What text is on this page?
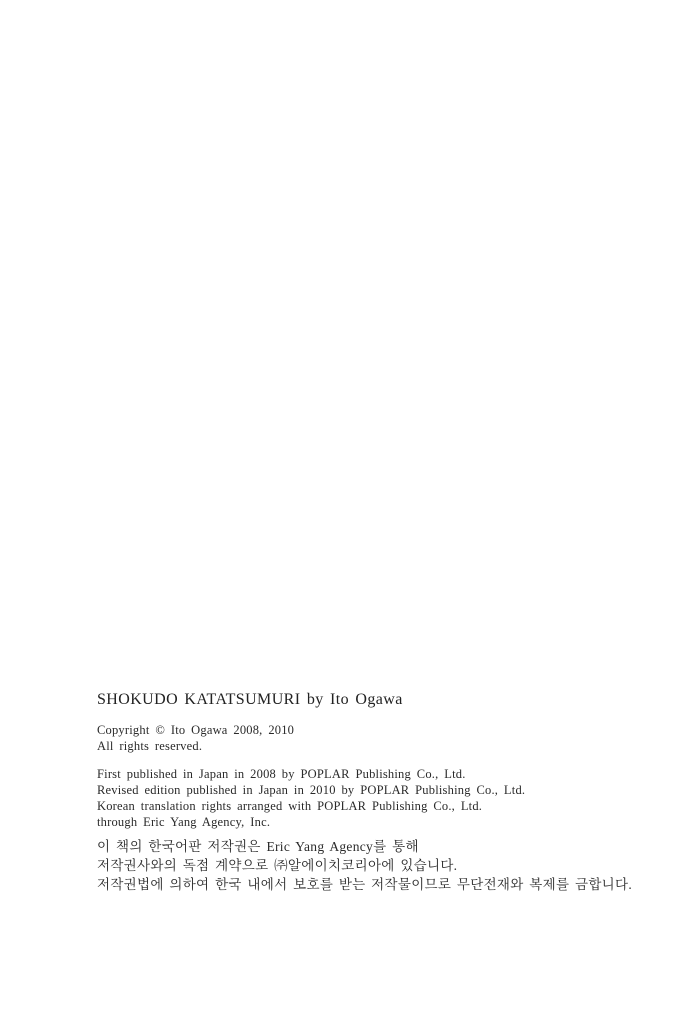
SHOKUDO KATATSUMURI by Ito Ogawa

Copyright © Ito Ogawa 2008, 2010

All rights reserved.

First published in Japan in 2008 by POPLAR Publishing Co., Ltd.

Revised edition published in Japan in 2010 by POPLAR Publishing Co., Ltd.

Korean translation rights arranged with POPLAR Publishing Co., Ltd.

through Eric Yang Agency, Inc.

이 책의 한국어판 저작권은 Eric Yang Agency를 통해

저작권사와의 독점 계약으로 ㈜알에이치코리아에 있습니다.

저작권법에 의하여 한국 내에서 보호를 받는 저작물이므로 무단전재와 복제를 금합니다.
